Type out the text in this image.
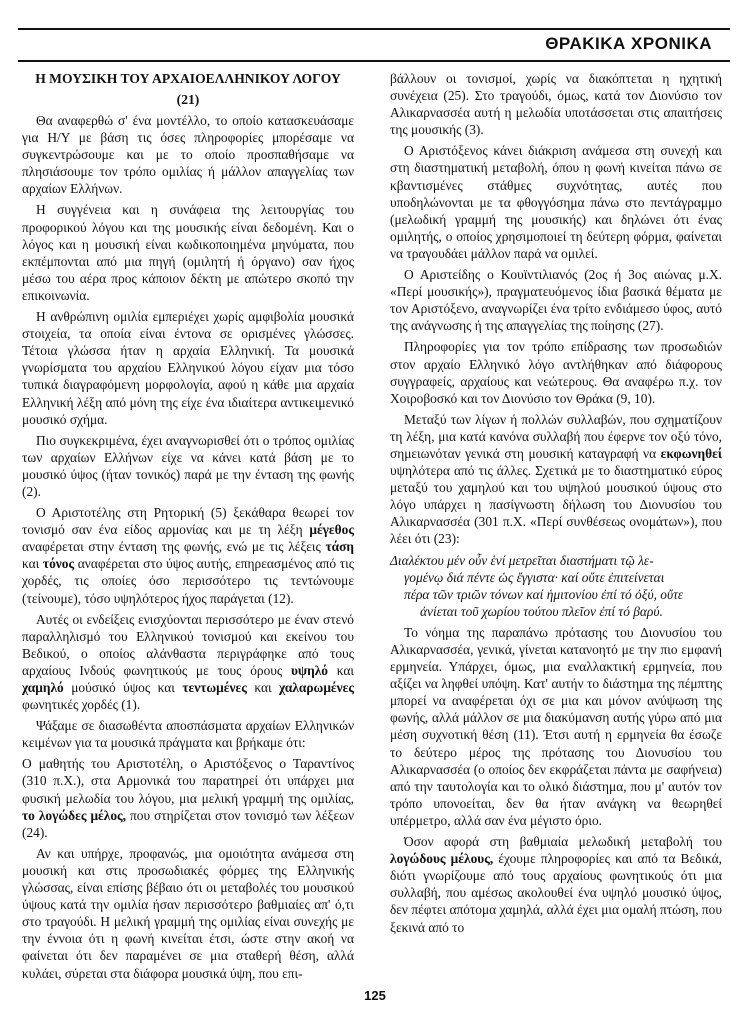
ΘΡΑΚΙΚΑ ΧΡΟΝΙΚΑ

Η ΜΟΥΣΙΚΗ ΤΟΥ ΑΡΧΑΙΟΕΛΛΗΝΙΚΟΥ ΛΟΓΟΥ

(21)

Θα αναφερθώ σ' ένα μοντέλλο, το οποίο κατασκευάσαμε για Η/Υ με βάση τις όσες πληροφορίες μπορέσαμε να συγκεντρώσουμε και με το οποίο προσπαθήσαμε να πλησιάσουμε τον τρόπο ομιλίας ή μάλλον απαγγελίας των αρχαίων Ελλήνων.

Η συγγένεια και η συνάφεια της λειτουργίας του προφορικού λόγου και της μουσικής είναι δεδομένη. Και ο λόγος και η μουσική είναι κωδικοποιημένα μηνύματα, που εκπέμπονται από μια πηγή (ομιλητή ή όργανο) σαν ήχος μέσω του αέρα προς κάποιον δέκτη με απώτερο σκοπό την επικοινωνία.

Η ανθρώπινη ομιλία εμπεριέχει χωρίς αμφιβολία μουσικά στοιχεία, τα οποία είναι έντονα σε ορισμένες γλώσσες. Τέτοια γλώσσα ήταν η αρχαία Ελληνική. Τα μουσικά γνωρίσματα του αρχαίου Ελληνικού λόγου είχαν μια τόσο τυπικά διαγραφόμενη μορφολογία, αφού η κάθε μια αρχαία Ελληνική λέξη από μόνη της είχε ένα ιδιαίτερα αντικειμενικό μουσικό σχήμα.

Πιο συγκεκριμένα, έχει αναγνωρισθεί ότι ο τρόπος ομιλίας των αρχαίων Ελλήνων είχε να κάνει κατά βάση με το μουσικό ύψος (ήταν τονικός) παρά με την ένταση της φωνής (2).

Ο Αριστοτέλης στη Ρητορική (5) ξεκάθαρα θεωρεί τον τονισμό σαν ένα είδος αρμονίας και με τη λέξη μέγεθος αναφέρεται στην ένταση της φωνής, ενώ με τις λέξεις τάση και τόνος αναφέρεται στο ύψος αυτής, επηρεασμένος από τις χορδές, τις οποίες όσο περισσότερο τις τεντώνουμε (τείνουμε), τόσο υψηλότερος ήχος παράγεται (12).

Αυτές οι ενδείξεις ενισχύονται περισσότερο με έναν στενό παραλληλισμό του Ελληνικού τονισμού και εκείνου του Βεδικού, ο οποίος αλάνθαστα περιγράφηκε από τους αρχαίους Ινδούς φωνητικούς με τους όρους υψηλό και χαμηλό μούσικό ύψος και τεντωμένες και χαλαρωμένες φωνητικές χορδές (1).

Ψάξαμε σε διασωθέντα αποσπάσματα αρχαίων Ελληνικών κειμένων για τα μουσικά πράγματα και βρήκαμε ότι:

Ο μαθητής του Αριστοτέλη, ο Αριστόξενος ο Ταραντίνος (310 π.Χ.), στα Αρμονικά του παρατηρεί ότι υπάρχει μια φυσική μελωδία του λόγου, μια μελική γραμμή της ομιλίας, το λογώδες μέλος, που στηρίζεται στον τονισμό των λέξεων (24).

Αν και υπήρχε, προφανώς, μια ομοιότητα ανάμεσα στη μουσική και στις προσωδιακές φόρμες της Ελληνικής γλώσσας, είναι επίσης βέβαιο ότι οι μεταβολές του μουσικού ύψους κατά την ομιλία ήσαν περισσότερο βαθμιαίες απ' ό,τι στο τραγούδι. Η μελική γραμμή της ομιλίας είναι συνεχής με την έννοια ότι η φωνή κινείται έτσι, ώστε στην ακοή να φαίνεται ότι δεν παραμένει σε μια σταθερή θέση, αλλά κυλάει, σύρεται στα διάφορα μουσικά ύψη, που επι-

βάλλουν οι τονισμοί, χωρίς να διακόπτεται η ηχητική συνέχεια (25). Στο τραγούδι, όμως, κατά τον Διονύσιο τον Αλικαρνασσέα αυτή η μελωδία υποτάσσεται στις απαιτήσεις της μουσικής (3).

Ο Αριστόξενος κάνει διάκριση ανάμεσα στη συνεχή και στη διαστηματική μεταβολή, όπου η φωνή κινείται πάνω σε κβαντισμένες στάθμες συχνότητας, αυτές που υποδηλώνονται με τα φθογγόσημα πάνω στο πεντάγραμμο (μελωδική γραμμή της μουσικής) και δηλώνει ότι ένας ομιλητής, ο οποίος χρησιμοποιεί τη δεύτερη φόρμα, φαίνεται να τραγουδάει μάλλον παρά να ομιλεί.

Ο Αριστείδης ο Κουϊντιλιανός (2ος ή 3ος αιώνας μ.Χ. «Περί μουσικής»), πραγματευόμενος ίδια βασικά θέματα με τον Αριστόξενο, αναγνωρίζει ένα τρίτο ενδιάμεσο ύφος, αυτό της ανάγνωσης ή της απαγγελίας της ποίησης (27).

Πληροφορίες για τον τρόπο επίδρασης των προσωδιών στον αρχαίο Ελληνικό λόγο αντλήθηκαν από διάφορους συγγραφείς, αρχαίους και νεώτερους. Θα αναφέρω π.χ. τον Χοιροβοσκό και τον Διονύσιο τον Θράκα (9, 10).

Μεταξύ των λίγων ή πολλών συλλαβών, που σχηματίζουν τη λέξη, μια κατά κανόνα συλλαβή που έφερνε τον οξύ τόνο, σημειωνόταν γενικά στη μουσική καταγραφή να εκφωνηθεί υψηλότερα από τις άλλες. Σχετικά με το διαστηματικό εύρος μεταξύ του χαμηλού και του υψηλού μουσικού ύψους στο λόγο υπάρχει η πασίγνωστη δήλωση του Διονυσίου του Αλικαρνασσέα (301 π.Χ. «Περί συνθέσεως ονομάτων»), που λέει ότι (23):

Διαλέκτου μέν οὖν ἑνί μετρεῖται διαστήματι τῷ λε-
γομένῳ διά πέντε ὡς ἔγγιστα· καί οὔτε ἐπιτείνεται
πέρα τῶν τριῶν τόνων καί ἡμιτονίου ἐπί τό ὀξύ, οὔτε
ἀνίεται τοῦ χωρίου τούτου πλεῖον ἐπί τό βαρύ.

Το νόημα της παραπάνω πρότασης του Διονυσίου του Αλικαρνασσέα, γενικά, γίνεται κατανοητό με την πιο εμφανή ερμηνεία. Υπάρχει, όμως, μια εναλλακτική ερμηνεία, που αξίζει να ληφθεί υπόψη. Κατ' αυτήν το διάστημα της πέμπτης μπορεί να αναφέρεται όχι σε μια και μόνον ανύψωση της φωνής, αλλά μάλλον σε μια διακύμανση αυτής γύρω από μια μέση συχνοτική θέση (11). Έτσι αυτή η ερμηνεία θα έσωζε το δεύτερο μέρος της πρότασης του Διονυσίου του Αλικαρνασσέα (ο οποίος δεν εκφράζεται πάντα με σαφήνεια) από την ταυτολογία και το ολικό διάστημα, που μ' αυτόν τον τρόπο υπονοείται, δεν θα ήταν ανάγκη να θεωρηθεί υπέρμετρο, αλλά σαν ένα μέγιστο όριο.

Όσον αφορά στη βαθμιαία μελωδική μεταβολή του λογώδους μέλους, έχουμε πληροφορίες και από τα Βεδικά, διότι γνωρίζουμε από τους αρχαίους φωνητικούς ότι μια συλλαβή, που αμέσως ακολουθεί ένα υψηλό μουσικό ύψος, δεν πέφτει απότομα χαμηλά, αλλά έχει μια ομαλή πτώση, που ξεκινά από το

125
